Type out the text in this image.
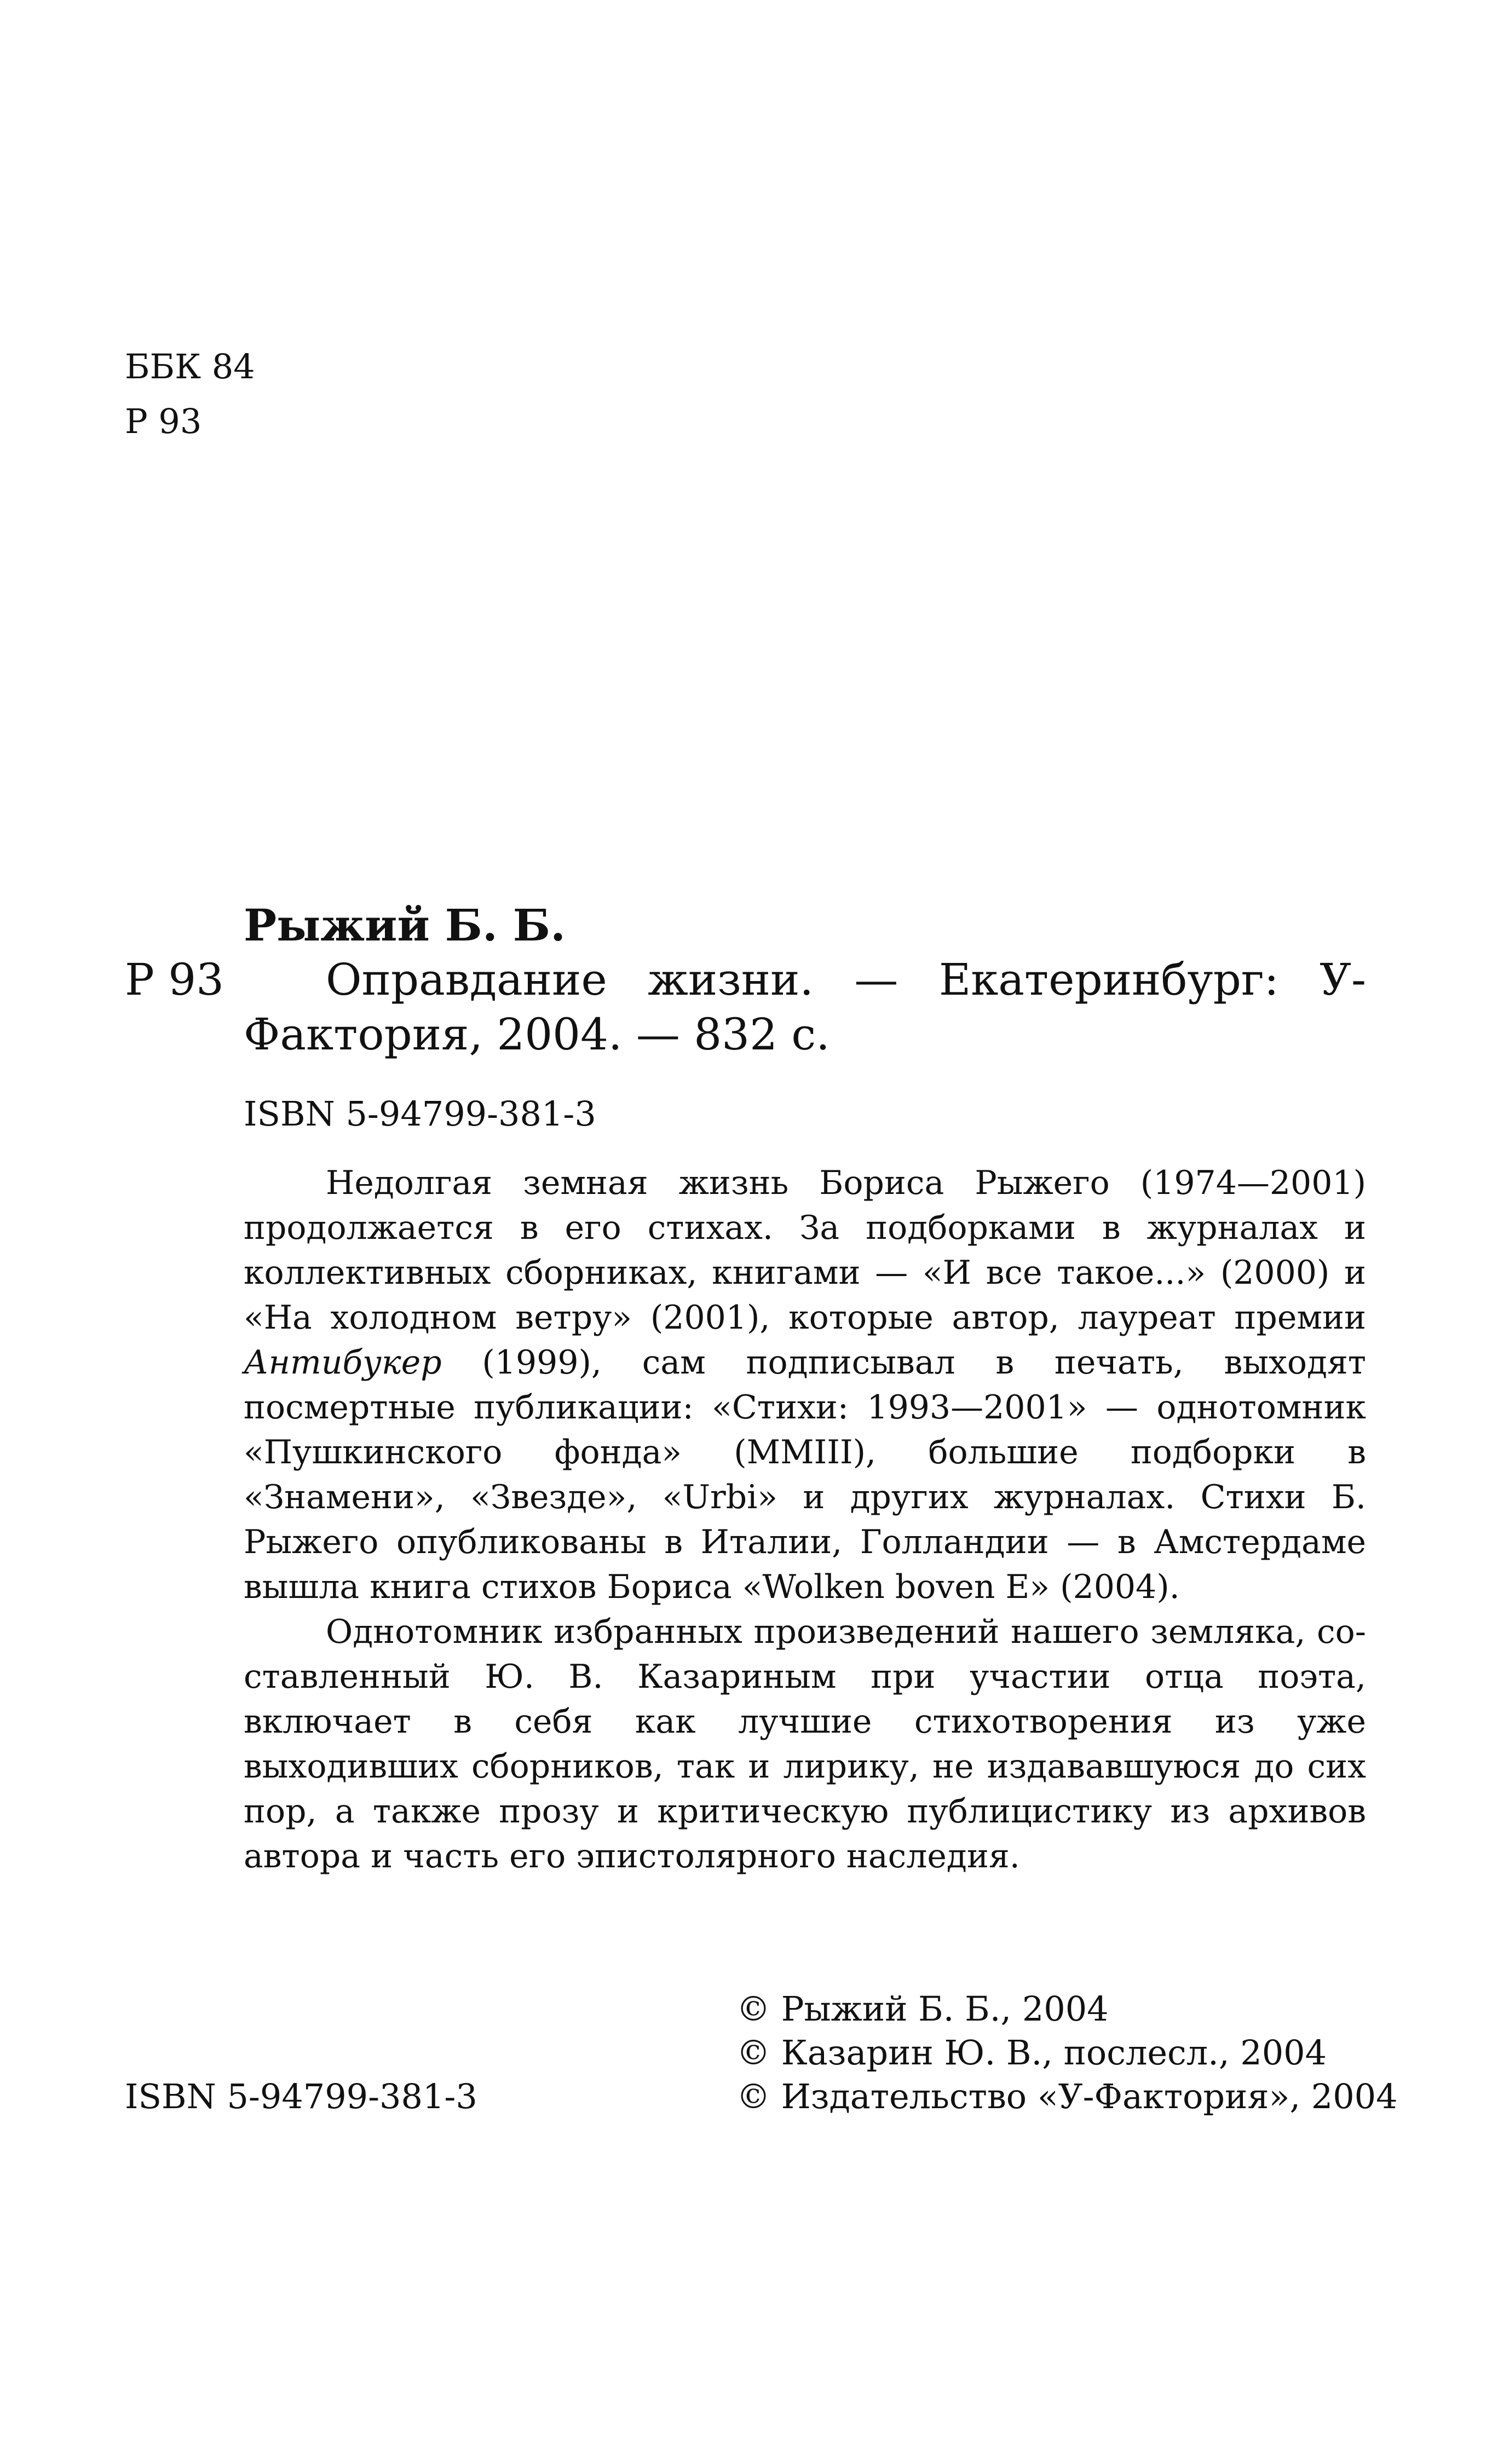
ББК 84
Р 93
Р 93
Рыжий Б. Б.

Оправдание жизни. — Екатеринбург: У-Фактория, 2004. — 832 с.

ISBN 5-94799-381-3

Недолгая земная жизнь Бориса Рыжего (1974—2001) продолжается в его стихах. За подборками в журналах и коллективных сборниках, книгами — «И все такое...» (2000) и «На холодном ветру» (2001), которые автор, лауреат премии Антибукер (1999), сам подписывал в печать, выходят посмертные публикации: «Стихи: 1993—2001» — однотомник «Пушкинского фонда» (MMIII), большие подборки в «Знамени», «Звезде», «Urbi» и других журналах. Стихи Б. Рыжего опубликованы в Италии, Голландии — в Амстердаме вышла книга стихов Бориса «Wolken boven E» (2004).

Однотомник избранных произведений нашего земляка, составленный Ю. В. Казариным при участии отца поэта, включает в себя как лучшие стихотворения из уже выходивших сборников, так и лирику, не издававшуюся до сих пор, а также прозу и критическую публицистику из архивов автора и часть его эпистолярного наследия.

ISBN 5-94799-381-3
© Рыжий Б. Б., 2004
© Казарин Ю. В., послесл., 2004
© Издательство «У-Фактория», 2004
